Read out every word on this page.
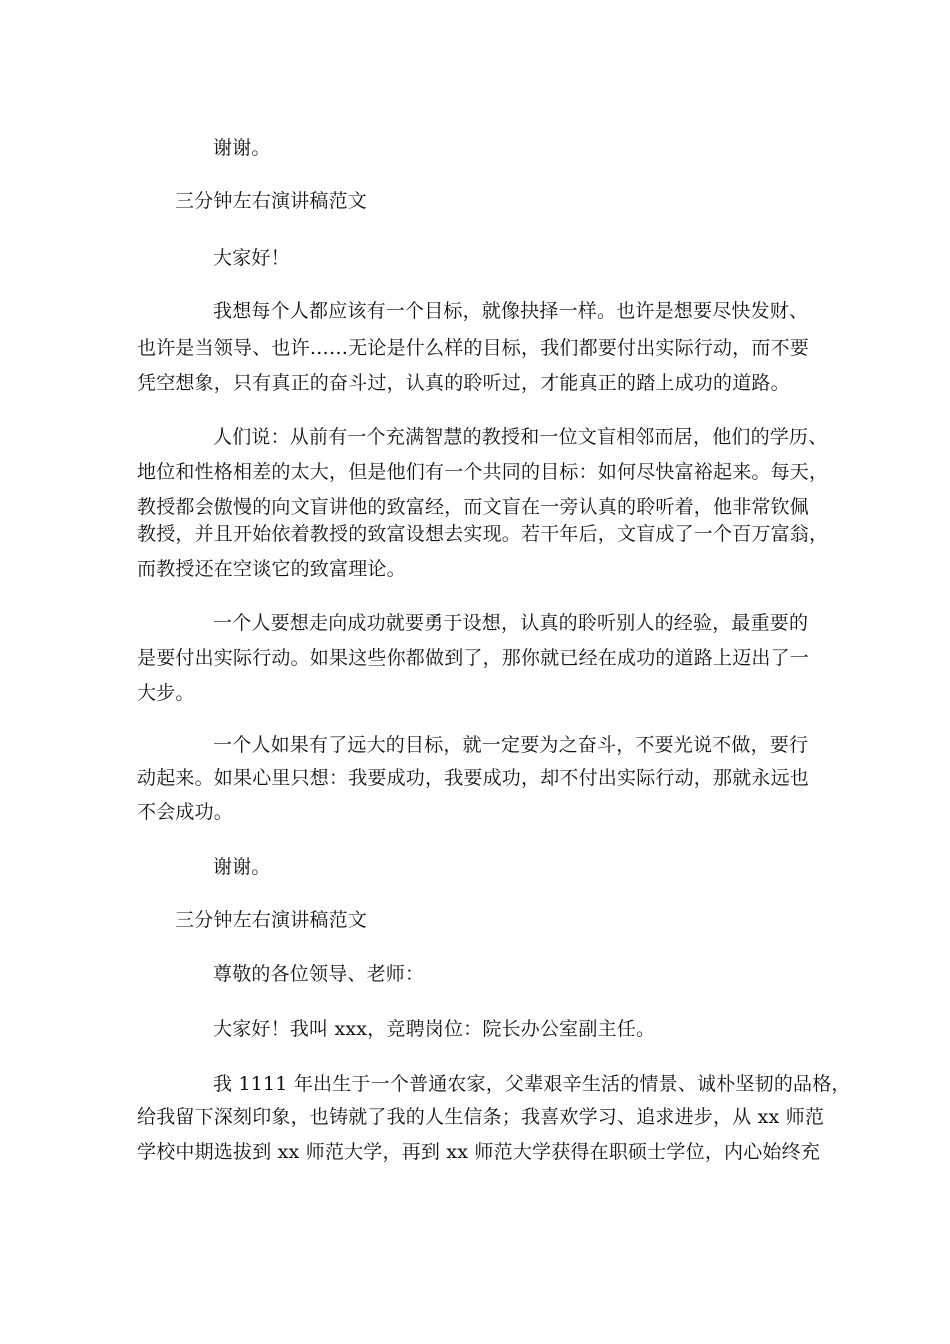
谢谢。

三分钟左右演讲稿范文

大家好！

我想每个人都应该有一个目标，就像抉择一样。也许是想要尽快发财、

也许是当领导、也许……无论是什么样的目标，我们都要付出实际行动，而不要

凭空想象，只有真正的奋斗过，认真的聆听过，才能真正的踏上成功的道路。

人们说：从前有一个充满智慧的教授和一位文盲相邻而居，他们的学历、

地位和性格相差的太大，但是他们有一个共同的目标：如何尽快富裕起来。每天，

教授都会傲慢的向文盲讲他的致富经，而文盲在一旁认真的聆听着，他非常钦佩

教授，并且开始依着教授的致富设想去实现。若干年后，文盲成了一个百万富翁，

而教授还在空谈它的致富理论。

一个人要想走向成功就要勇于设想，认真的聆听别人的经验，最重要的

是要付出实际行动。如果这些你都做到了，那你就已经在成功的道路上迈出了一

大步。

一个人如果有了远大的目标，就一定要为之奋斗，不要光说不做，要行

动起来。如果心里只想：我要成功，我要成功，却不付出实际行动，那就永远也

不会成功。

谢谢。

三分钟左右演讲稿范文

尊敬的各位领导、老师：

大家好！我叫 xxx，竞聘岗位：院长办公室副主任。

我 1111 年出生于一个普通农家，父辈艰辛生活的情景、诚朴坚韧的品格，

给我留下深刻印象，也铸就了我的人生信条；我喜欢学习、追求进步，从 xx 师范

学校中期选拔到 xx 师范大学，再到 xx 师范大学获得在职硕士学位，内心始终充
